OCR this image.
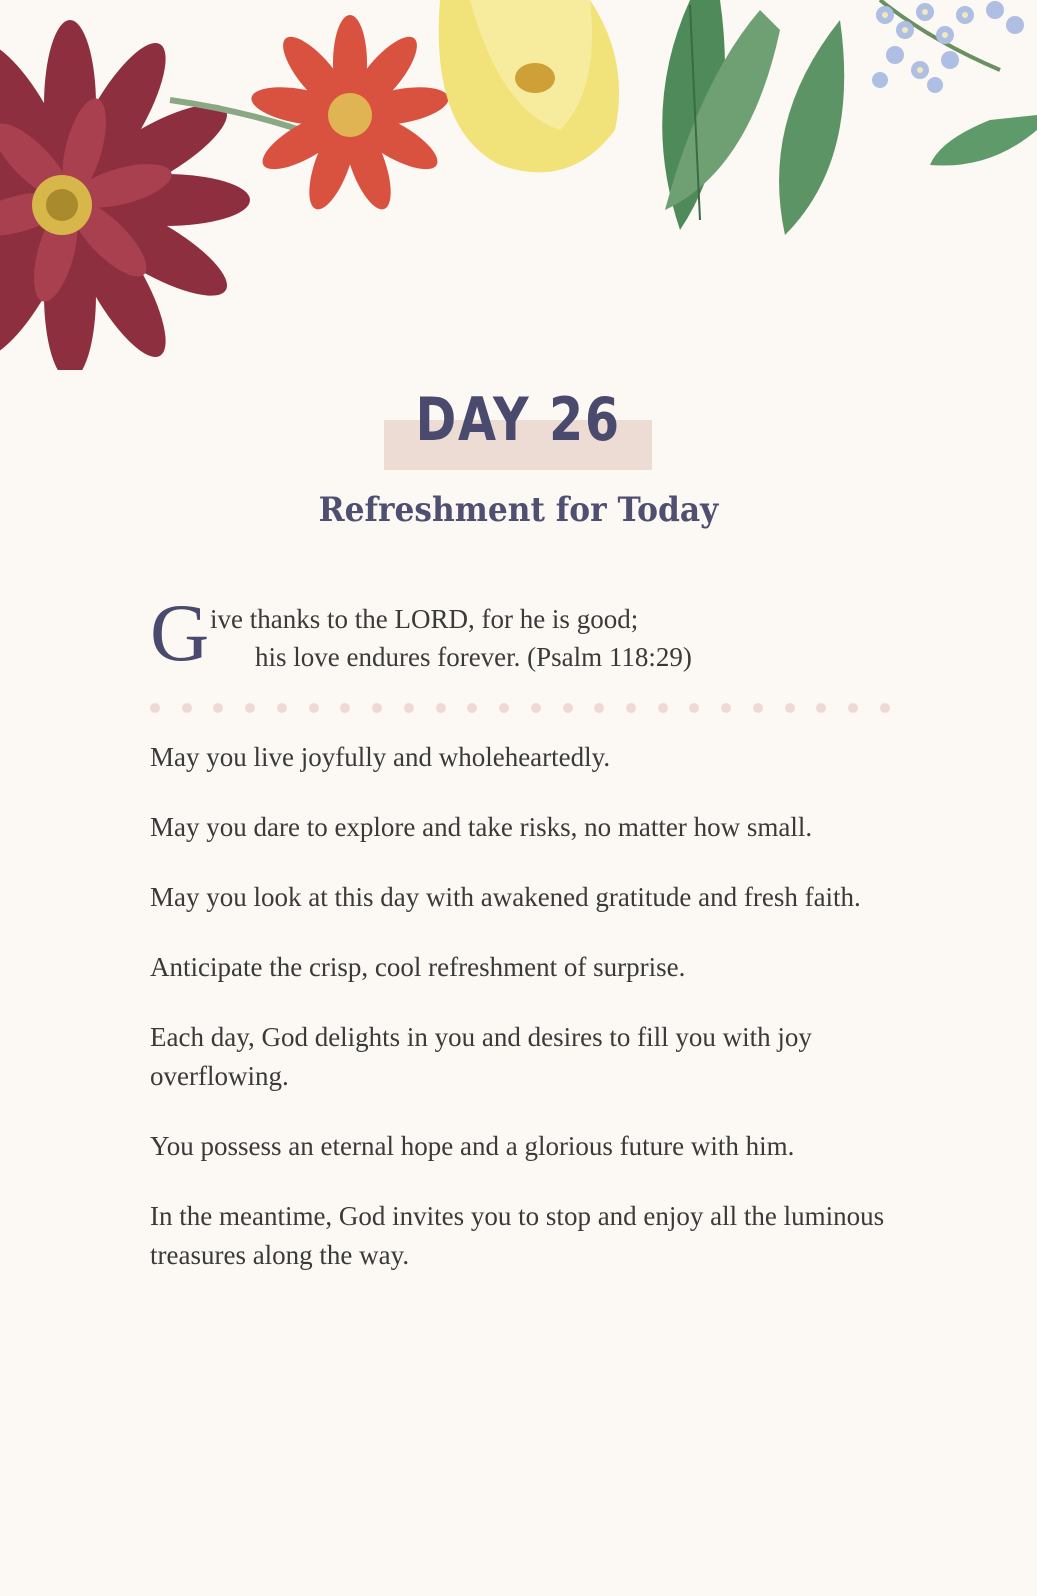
DAY 26
Refreshment for Today
G ive thanks to the LORD, for he is good;
his love endures forever. (Psalm 118:29)

May you live joyfully and wholeheartedly.

May you dare to explore and take risks, no matter how small.

May you look at this day with awakened gratitude and fresh faith.

Anticipate the crisp, cool refreshment of surprise.

Each day, God delights in you and desires to fill you with joy overflowing.

You possess an eternal hope and a glorious future with him.

In the meantime, God invites you to stop and enjoy all the luminous treasures along the way.
